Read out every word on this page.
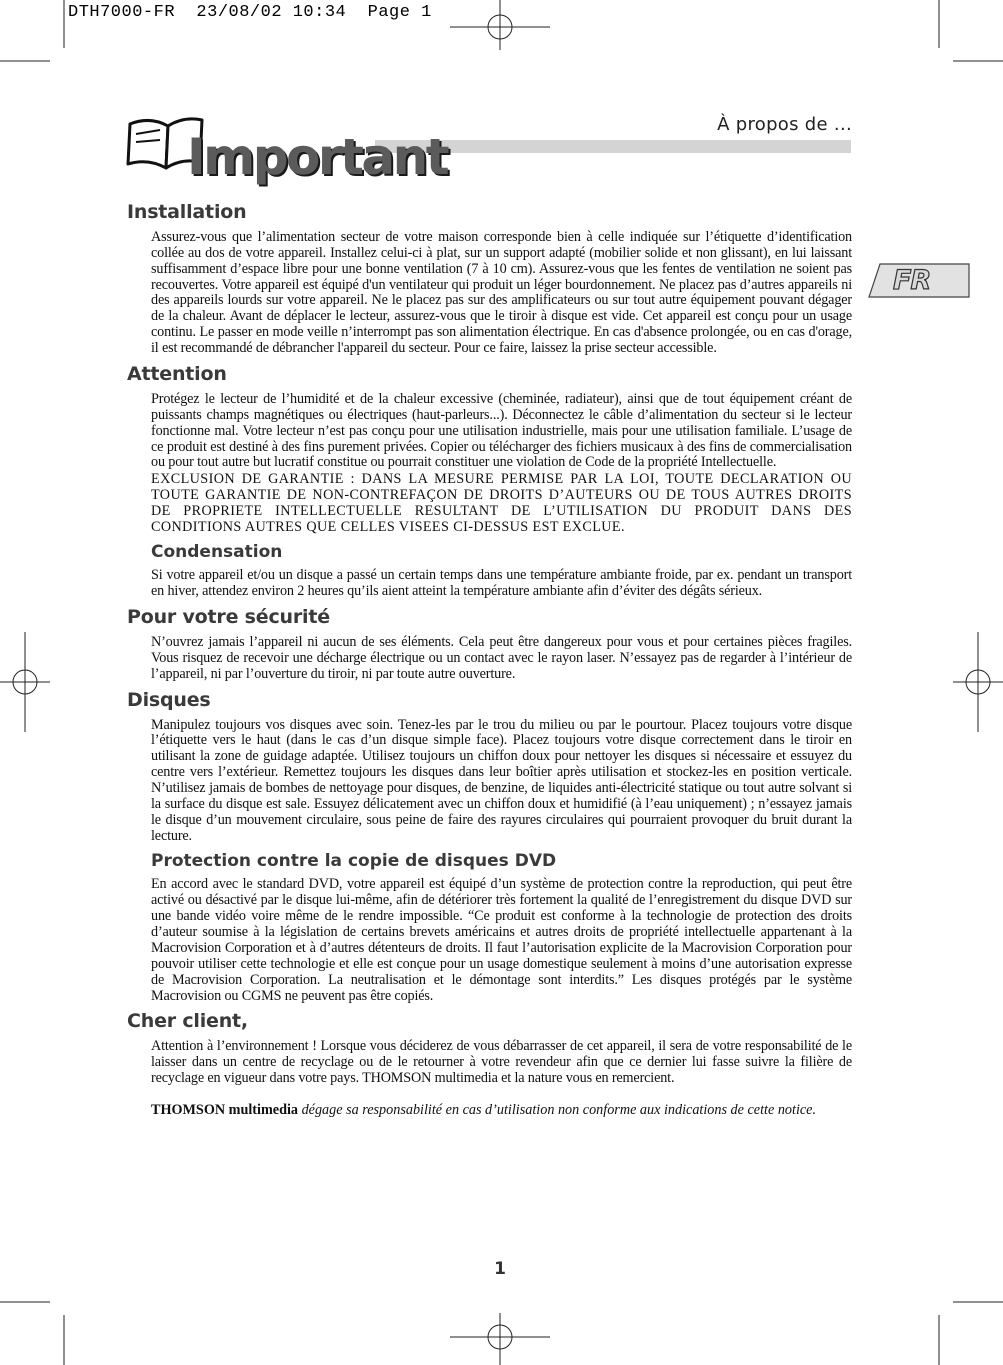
DTH7000-FR  23/08/02 10:34  Page 1
À propos de ...
Important
FR
Installation

Assurez-vous que l’alimentation secteur de votre maison corresponde bien à celle indiquée sur l’étiquette d’identification collée au dos de votre appareil. Installez celui-ci à plat, sur un support adapté (mobilier solide et non glissant), en lui laissant suffisamment d’espace libre pour une bonne ventilation (7 à 10 cm). Assurez-vous que les fentes de ventilation ne soient pas recouvertes. Votre appareil est équipé d'un ventilateur qui produit un léger bourdonnement. Ne placez pas d’autres appareils ni des appareils lourds sur votre appareil. Ne le placez pas sur des amplificateurs ou sur tout autre équipement pouvant dégager de la chaleur. Avant de déplacer le lecteur, assurez-vous que le tiroir à disque est vide. Cet appareil est conçu pour un usage continu. Le passer en mode veille n’interrompt pas son alimentation électrique. En cas d'absence prolongée, ou en cas d'orage, il est recommandé de débrancher l'appareil du secteur. Pour ce faire, laissez la prise secteur accessible.

Attention

Protégez le lecteur de l’humidité et de la chaleur excessive (cheminée, radiateur), ainsi que de tout équipement créant de puissants champs magnétiques ou électriques (haut-parleurs...). Déconnectez le câble d’alimentation du secteur si le lecteur fonctionne mal. Votre lecteur n’est pas conçu pour une utilisation industrielle, mais pour une utilisation familiale. L’usage de ce produit est destiné à des fins purement privées. Copier ou télécharger des fichiers musicaux à des fins de commercialisation ou pour tout autre but lucratif constitue ou pourrait constituer une violation de Code de la propriété Intellectuelle.

EXCLUSION DE GARANTIE : DANS LA MESURE PERMISE PAR LA LOI, TOUTE DECLARATION OU TOUTE GARANTIE DE NON-CONTREFAÇON DE DROITS D’AUTEURS OU DE TOUS AUTRES DROITS DE PROPRIETE INTELLECTUELLE RESULTANT DE L’UTILISATION DU PRODUIT DANS DES CONDITIONS AUTRES QUE CELLES VISEES CI-DESSUS EST EXCLUE.

Condensation

Si votre appareil et/ou un disque a passé un certain temps dans une température ambiante froide, par ex. pendant un transport en hiver, attendez environ 2 heures qu’ils aient atteint la température ambiante afin d’éviter des dégâts sérieux.

Pour votre sécurité

N’ouvrez jamais l’appareil ni aucun de ses éléments. Cela peut être dangereux pour vous et pour certaines pièces fragiles. Vous risquez de recevoir une décharge électrique ou un contact avec le rayon laser. N’essayez pas de regarder à l’intérieur de l’appareil, ni par l’ouverture du tiroir, ni par toute autre ouverture.

Disques

Manipulez toujours vos disques avec soin. Tenez-les par le trou du milieu ou par le pourtour. Placez toujours votre disque l’étiquette vers le haut (dans le cas d’un disque simple face). Placez toujours votre disque correctement dans le tiroir en utilisant la zone de guidage adaptée. Utilisez toujours un chiffon doux pour nettoyer les disques si nécessaire et essuyez du centre vers l’extérieur. Remettez toujours les disques dans leur boîtier après utilisation et stockez-les en position verticale. N’utilisez jamais de bombes de nettoyage pour disques, de benzine, de liquides anti-électricité statique ou tout autre solvant si la surface du disque est sale. Essuyez délicatement avec un chiffon doux et humidifié (à l’eau uniquement) ; n’essayez jamais le disque d’un mouvement circulaire, sous peine de faire des rayures circulaires qui pourraient provoquer du bruit durant la lecture.

Protection contre la copie de disques DVD

En accord avec le standard DVD, votre appareil est équipé d’un système de protection contre la reproduction, qui peut être activé ou désactivé par le disque lui-même, afin de détériorer très fortement la qualité de l’enregistrement du disque DVD sur une bande vidéo voire même de le rendre impossible. “Ce produit est conforme à la technologie de protection des droits d’auteur soumise à la législation de certains brevets américains et autres droits de propriété intellectuelle appartenant à la Macrovision Corporation et à d’autres détenteurs de droits. Il faut l’autorisation explicite de la Macrovision Corporation pour pouvoir utiliser cette technologie et elle est conçue pour un usage domestique seulement à moins d’une autorisation expresse de Macrovision Corporation. La neutralisation et le démontage sont interdits.” Les disques protégés par le système Macrovision ou CGMS ne peuvent pas être copiés.

Cher client,

Attention à l’environnement ! Lorsque vous déciderez de vous débarrasser de cet appareil, il sera de votre responsabilité de le laisser dans un centre de recyclage ou de le retourner à votre revendeur afin que ce dernier lui fasse suivre la filière de recyclage en vigueur dans votre pays. THOMSON multimedia et la nature vous en remercient.

THOMSON multimedia dégage sa responsabilité en cas d’utilisation non conforme aux indications de cette notice.

1
